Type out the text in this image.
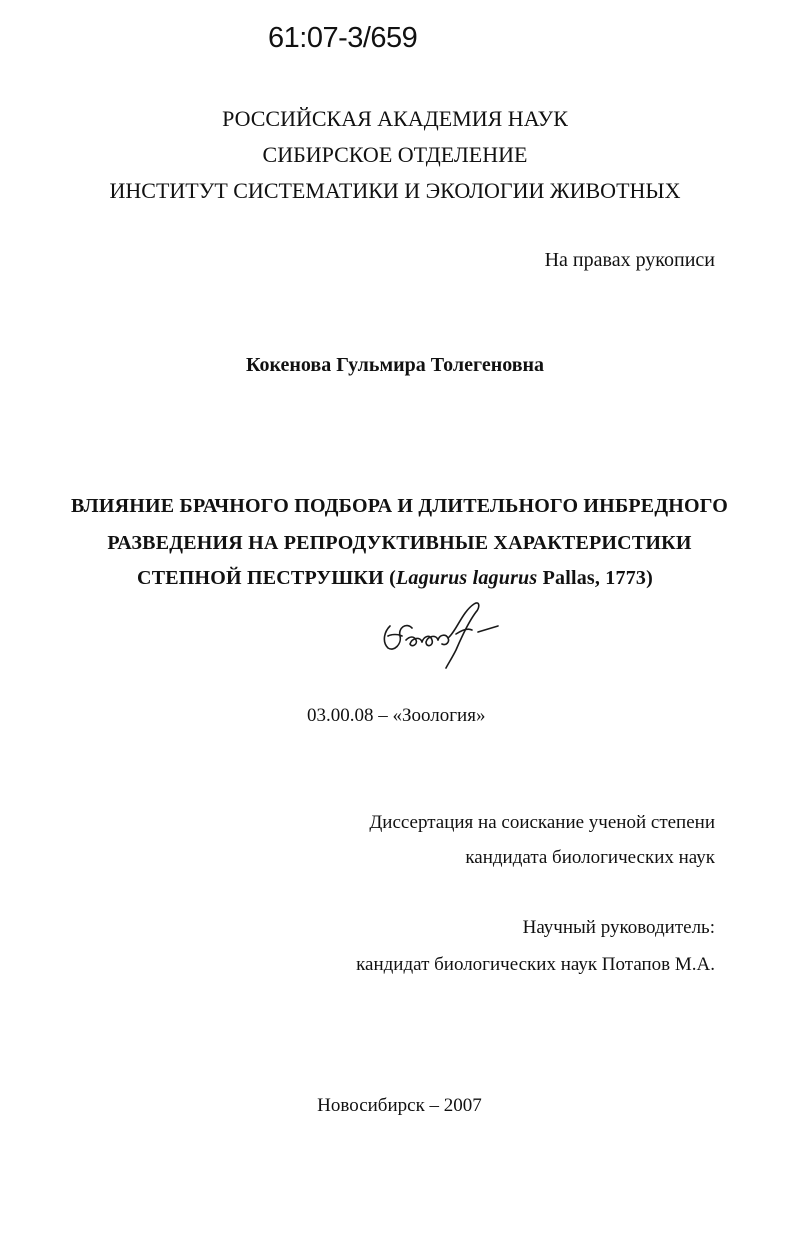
61:07-3/659
РОССИЙСКАЯ АКАДЕМИЯ НАУК
СИБИРСКОЕ ОТДЕЛЕНИЕ
ИНСТИТУТ СИСТЕМАТИКИ И ЭКОЛОГИИ ЖИВОТНЫХ
На правах рукописи
Кокенова Гульмира Толегеновна
ВЛИЯНИЕ БРАЧНОГО ПОДБОРА И ДЛИТЕЛЬНОГО ИНБРЕДНОГО
РАЗВЕДЕНИЯ НА РЕПРОДУКТИВНЫЕ ХАРАКТЕРИСТИКИ
СТЕПНОЙ ПЕСТРУШКИ (Lagurus lagurus Pallas, 1773)
03.00.08 – «Зоология»
Диссертация на соискание ученой степени
кандидата биологических наук
Научный руководитель:
кандидат биологических наук Потапов М.А.
Новосибирск – 2007
